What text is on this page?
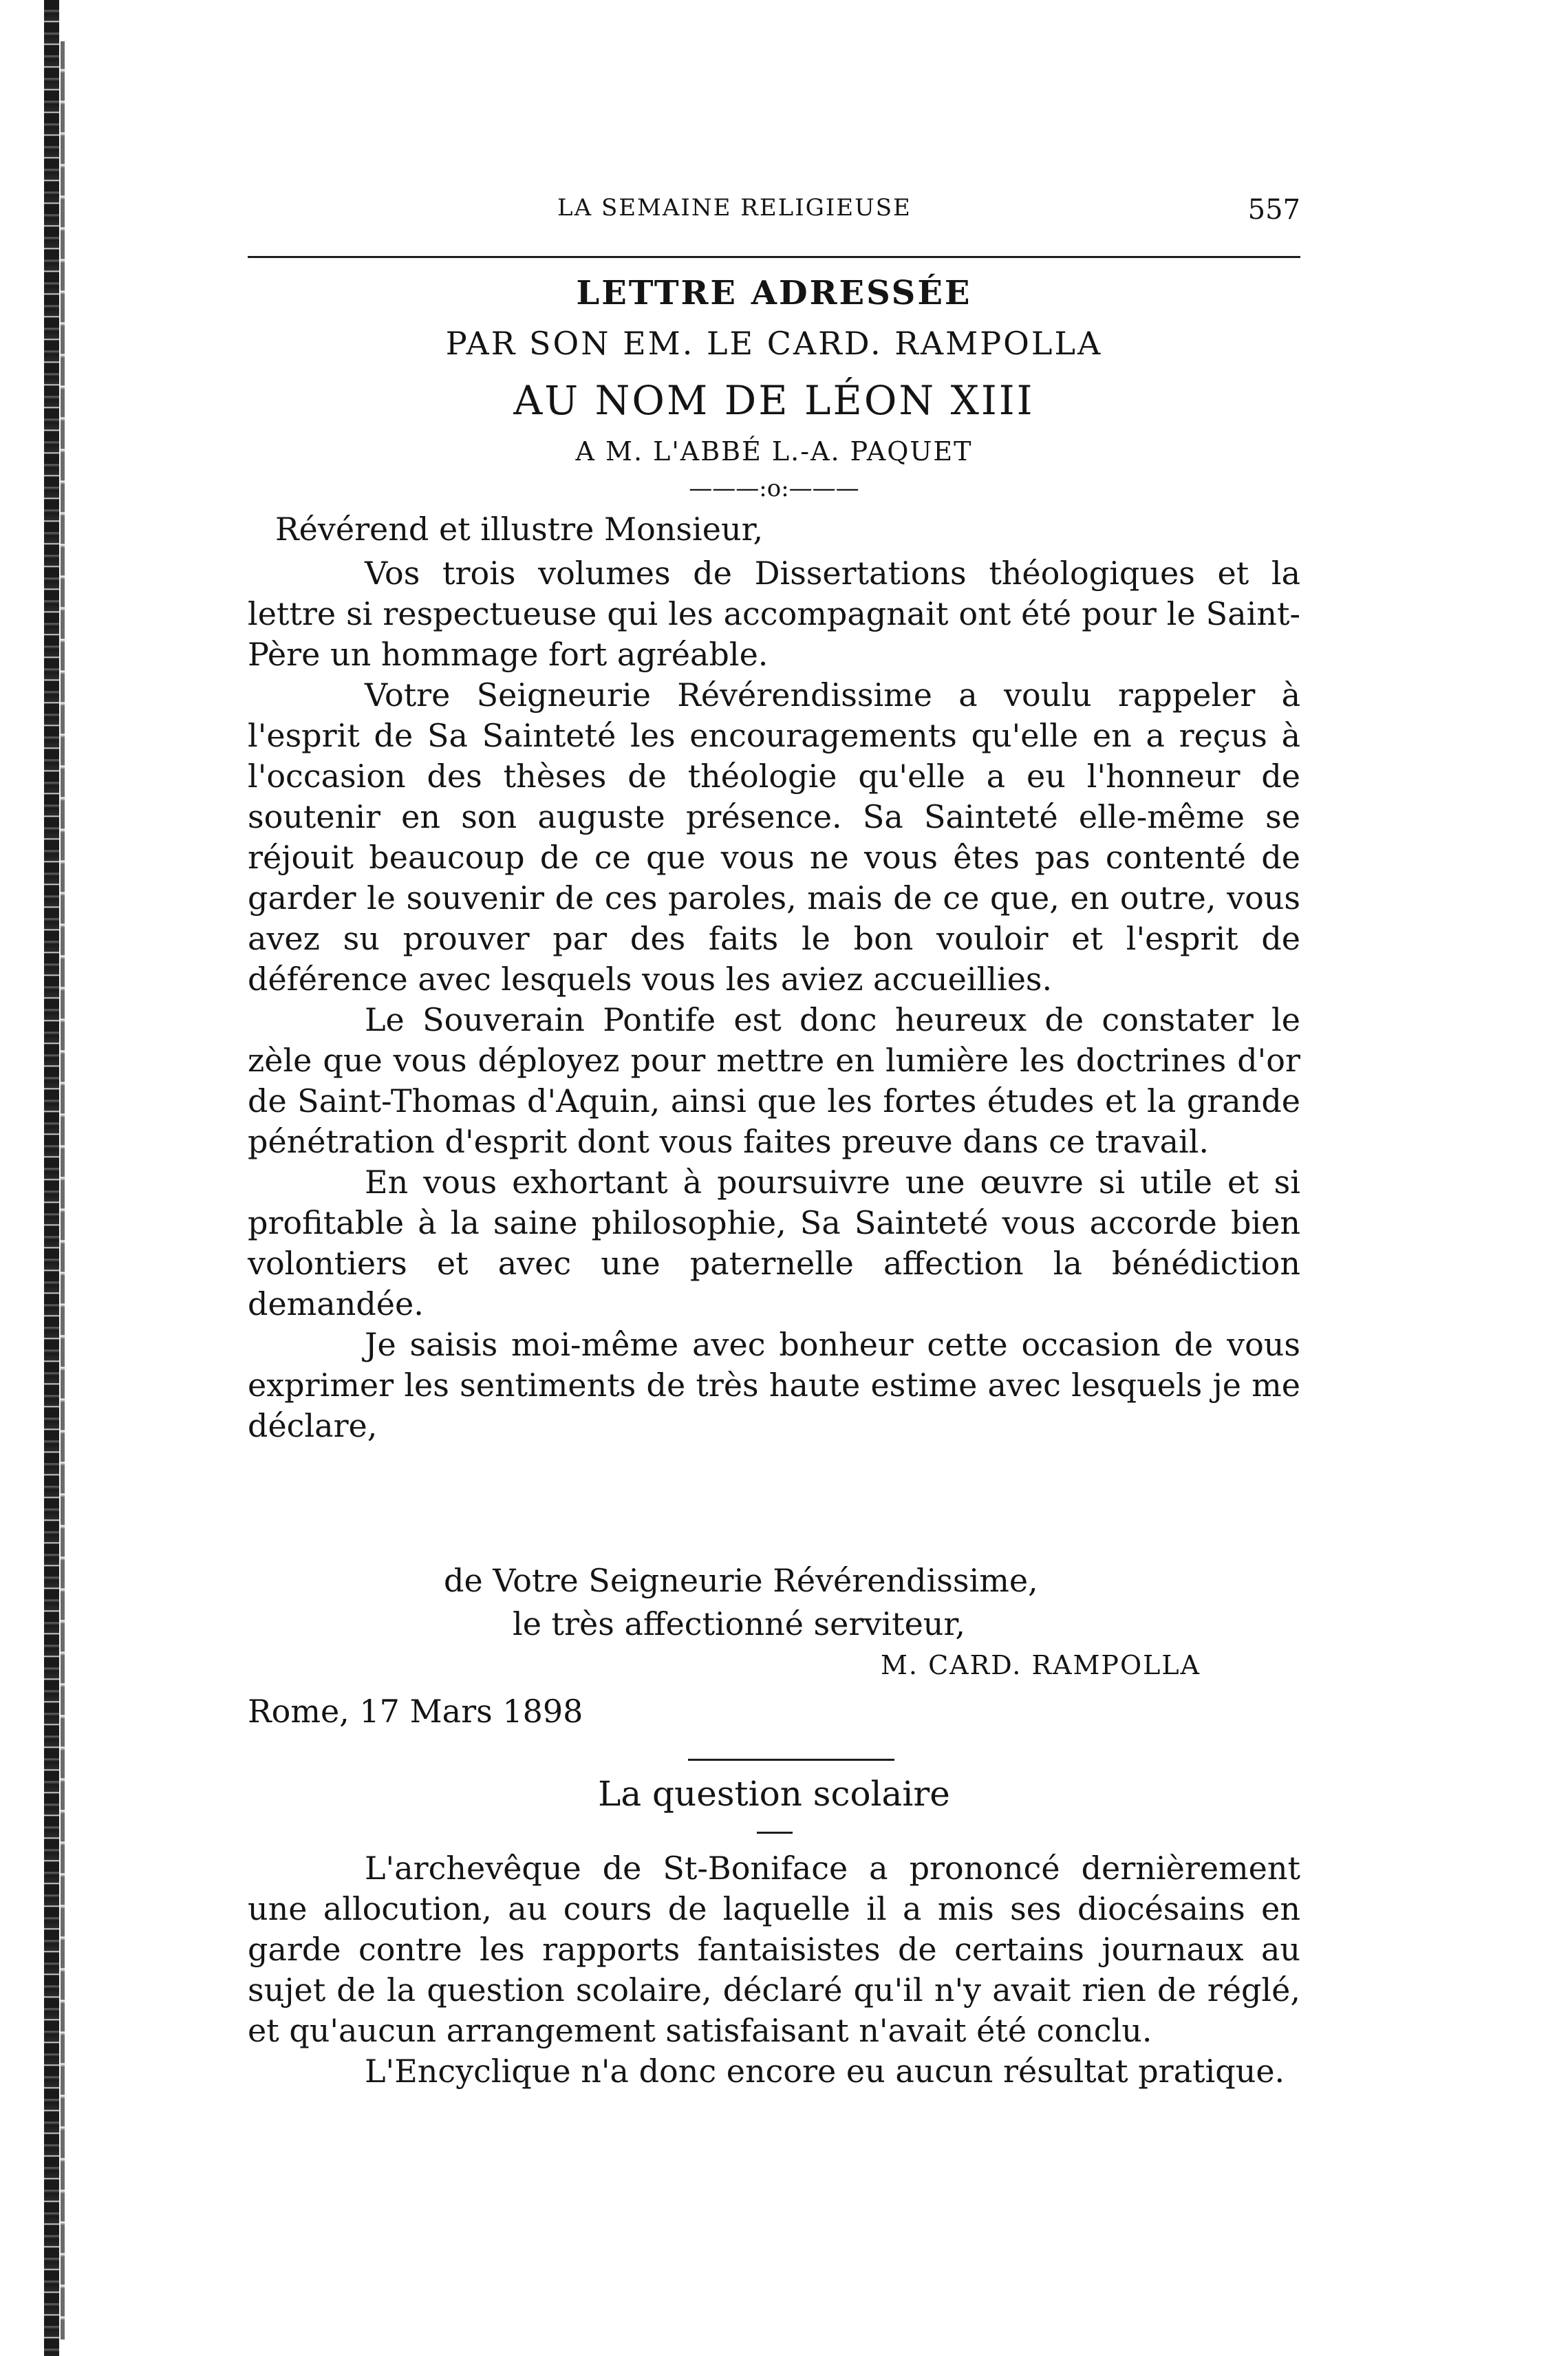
LA SEMAINE RELIGIEUSE	557
LETTRE ADRESSÉE
PAR SON EM. LE CARD. RAMPOLLA
AU NOM DE LÉON XIII
A M. L'ABBÉ L.-A. PAQUET
———:o:———
Révérend et illustre Monsieur,

Vos trois volumes de Dissertations théologiques et la lettre si respectueuse qui les accompagnait ont été pour le Saint-Père un hommage fort agréable.

Votre Seigneurie Révérendissime a voulu rappeler à l'esprit de Sa Sainteté les encouragements qu'elle en a reçus à l'occasion des thèses de théologie qu'elle a eu l'honneur de soutenir en son auguste présence. Sa Sainteté elle-même se réjouit beaucoup de ce que vous ne vous êtes pas contenté de garder le souvenir de ces paroles, mais de ce que, en outre, vous avez su prouver par des faits le bon vouloir et l'esprit de déférence avec lesquels vous les aviez accueillies.

Le Souverain Pontife est donc heureux de constater le zèle que vous déployez pour mettre en lumière les doctrines d'or de Saint-Thomas d'Aquin, ainsi que les fortes études et la grande pénétration d'esprit dont vous faites preuve dans ce travail.

En vous exhortant à poursuivre une œuvre si utile et si profitable à la saine philosophie, Sa Sainteté vous accorde bien volontiers et avec une paternelle affection la bénédiction demandée.

Je saisis moi-même avec bonheur cette occasion de vous exprimer les sentiments de très haute estime avec lesquels je me déclare,

de Votre Seigneurie Révérendissime,
le très affectionné serviteur,
M. CARD. RAMPOLLA
Rome, 17 Mars 1898
La question scolaire

L'archevêque de St-Boniface a prononcé dernièrement une allocution, au cours de laquelle il a mis ses diocésains en garde contre les rapports fantaisistes de certains journaux au sujet de la question scolaire, déclaré qu'il n'y avait rien de réglé, et qu'aucun arrangement satisfaisant n'avait été conclu.

L'Encyclique n'a donc encore eu aucun résultat pratique.
